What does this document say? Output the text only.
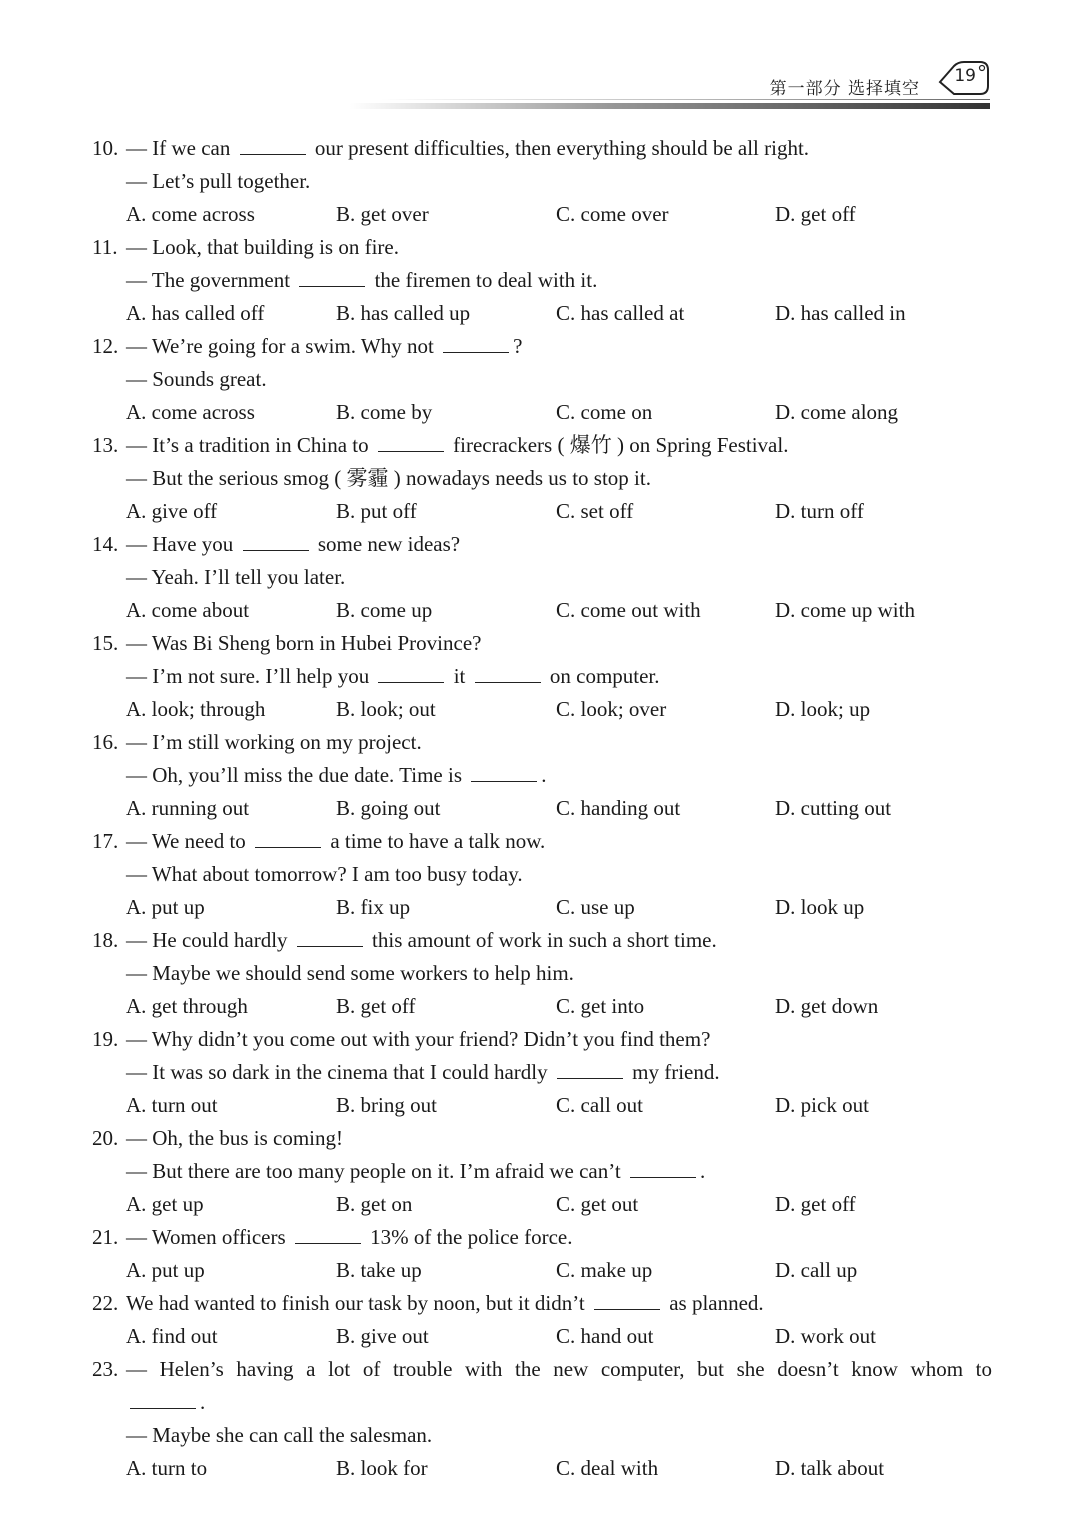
第一部分 选择填空
19
10. — If we can	our present difficulties, then everything should be all right.
— Let’s pull together.
A. come across	B. get over	C. come over	D. get off
11. — Look, that building is on fire.
— The government	the firemen to deal with it.
A. has called off	B. has called up	C. has called at	D. has called in
12. — We’re going for a swim. Why not	?
— Sounds great.
A. come across	B. come by	C. come on	D. come along
13. — It’s a tradition in China to	firecrackers ( 爆竹 ) on Spring Festival.
— But the serious smog ( 雾霾 ) nowadays needs us to stop it.
A. give off	B. put off	C. set off	D. turn off
14. — Have you	some new ideas?
— Yeah. I’ll tell you later.
A. come about	B. come up	C. come out with	D. come up with
15. — Was Bi Sheng born in Hubei Province?
— I’m not sure. I’ll help you	it	on computer.
A. look; through	B. look; out	C. look; over	D. look; up
16. — I’m still working on my project.
— Oh, you’ll miss the due date. Time is	.
A. running out	B. going out	C. handing out	D. cutting out
17. — We need to	a time to have a talk now.
— What about tomorrow? I am too busy today.
A. put up	B. fix up	C. use up	D. look up
18. — He could hardly	this amount of work in such a short time.
— Maybe we should send some workers to help him.
A. get through	B. get off	C. get into	D. get down
19. — Why didn’t you come out with your friend? Didn’t you find them?
— It was so dark in the cinema that I could hardly	my friend.
A. turn out	B. bring out	C. call out	D. pick out
20. — Oh, the bus is coming!
— But there are too many people on it. I’m afraid we can’t	.
A. get up	B. get on	C. get out	D. get off
21. — Women officers	13% of the police force.
A. put up	B. take up	C. make up	D. call up
22. We had wanted to finish our task by noon, but it didn’t	as planned.
A. find out	B. give out	C. hand out	D. work out
23. — Helen’s having a lot of trouble with the new computer, but she doesn’t know whom to
.
— Maybe she can call the salesman.
A. turn to	B. look for	C. deal with	D. talk about
